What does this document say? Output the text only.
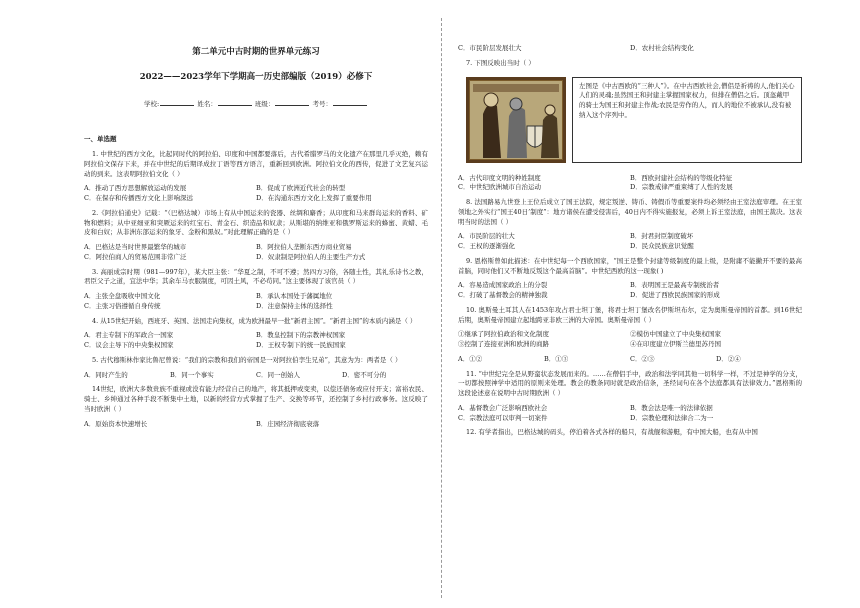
第二单元中古时期的世界单元练习
2022——2023学年下学期高一历史部编版（2019）必修下
学校:	姓名：	班级：	考号：
一、单选题
1. 中世纪的西方文化，比起同时代的阿拉伯、印度和中国都要落后，古代希腊罗马的文化遗产在那里几乎灭绝，赖有阿拉伯文保存下来，并在中世纪的后期译成拉丁语等西方语言，重新回到欧洲。阿拉伯文化的西传，促进了文艺复兴运动的到来。这表明阿拉伯文化（ ）
A．推动了西方思想解放运动的发展	B．促成了欧洲近代社会的转型
C．在保存和传播西方文化上影响深远	D．在沟通东西方文化上发挥了重要作用
2.《阿拉伯通史》记载：“（巴格达城）市场上有从中国运来的瓷器、丝绸和麝香；从印度和马来群岛运来的香料、矿物和燃料；从中亚细亚和突厥运来的红宝石、青金石、织造品和奴隶；从斯堪的纳维亚和俄罗斯运来的蜂蜜、黄蜡、毛皮和白奴；从非洲东部运来的象牙、金粉和黑奴。”对此理解正确的是（ ）
A．巴格达是当时世界最繁华的城市	B．阿拉伯人垄断东西方商业贸易
C．阿拉伯商人的贸易范围非常广泛	D．奴隶制是阿拉伯人的主要生产方式
3. 高丽成宗时期（981—997年），某大臣主张：“华夏之制，不可不遵；然四方习俗，各随土性，其礼乐诗书之教，君臣父子之道，宜法中华；其余车马衣服制度，可因土风，不必苟同。”这主要体现了该官员（ ）
A．主张全盘吸收中国文化	B．承认本国处于藩属地位
C．主张习俗遵循自身传统	D．注意保持主体的选择性
4. 从15世纪开始，西班牙、英国、法国走向集权，成为欧洲最早一批“新君主国”。“新君主国”的本质内涵是（ ）
A．君主专制下的军政合一国家	B．教皇控制下的宗教神权国家
C．议会主导下的中央集权国家	D．王权专制下的统一民族国家
5. 古代穆斯林作家比鲁尼曾说：“我们的宗教和我们的帝国是一对阿拉伯孪生兄弟”，其意为为：两者是（ ）
A．同时产生的	B．同一个事实	C．同一创始人	D．密不可分的
14世纪，欧洲大多数贵族不重视或没有能力经营自己的地产，将其抵押或变卖，以偿还债务或应付开支；富裕农民、骑士、乡绅通过各种手段不断集中土地，以新的经营方式掌握了生产、交换等环节，还控制了乡村行政事务。这反映了当时欧洲（ ）
A．原始资本快速增长	B．庄园经济彻底衰落
C．市民阶层发展壮大	D．农村社会结构变化
7. 下图反映出当时（ ）
左图是《中古西欧的“三种人”》。在中古西欧社会,僧侣是祈祷的人,他们关心人们的灵魂;虽然国王和封建主掌握国家权力，但排在僧侣之后。顶盔戴甲的骑士为国王和封建主作战;农民是劳作的人，而人的地位不被承认,没有被纳入这个序列中。
A．古代印度文明的种姓制度	B．西欧封建社会结构的等级化特征
C．中世纪欧洲城市自治运动	D．宗教戒律严重束缚了人性的发展
8. 法国路易九世登上王位后成立了国王法院，规定叛逆、铸币、铸假币等重要案件均必须经由王室法庭审理。在王室领地之外实行“国王40日’制度”：地方诸侯在遭受侵害后，40日内不得实施报复，必须上诉王室法庭，由国王裁决。这表明当时的法国（ ）
A．市民阶层的壮大	B．封君封臣制度破坏
C．王权的逐渐强化	D．民众民族意识觉醒
9. 恩格斯曾如此描述：在中世纪每一个西欧国家，“国王是整个封建等级制度的最上级，是附庸不能撇开不要的最高首脑，同时他们又不断地反叛这个最高首脑”。中世纪西欧的这一现象( )
A．容易造成国家政治上的分裂	B．表明国王是最高专制统治者
C．打破了基督教会的精神独裁	D．促进了西欧民族国家的形成
10. 奥斯曼土耳其人在1453年攻占君士坦丁堡，将君士坦丁堡改名伊斯坦布尔，定为奥斯曼帝国的首都。到16世纪后期，奥斯曼帝国建立起地跨亚非欧三洲的大帝国。奥斯曼帝国（ ）
①继承了阿拉伯政治和文化制度	②模仿中国建立了中央集权国家
③控制了连接亚洲和欧洲的商路	④在印度建立伊斯兰德里苏丹国
A．①②	B．①③	C．②③	D．②④
11. “中世纪完全是从野蛮状态发展而来的。……在僧侣手中，政治和法学同其他一切科学一样，不过是神学的分支，一切都按照神学中适用的原则来处理。教会的教条同时就是政治信条，圣经词句在各个法庭都具有法律效力。”恩格斯的这段论述意在说明中古时期欧洲（ ）
A．基督教会广泛影响西欧社会	B．教会法是唯一的法律依据
C．宗教法庭可以审判一切案件	D．宗教伦理和法律合二为一
12. 有学者指出，巴格达城的码头，停泊着各式各样的船只，有战舰和游艇，有中国大船，也有从中国
